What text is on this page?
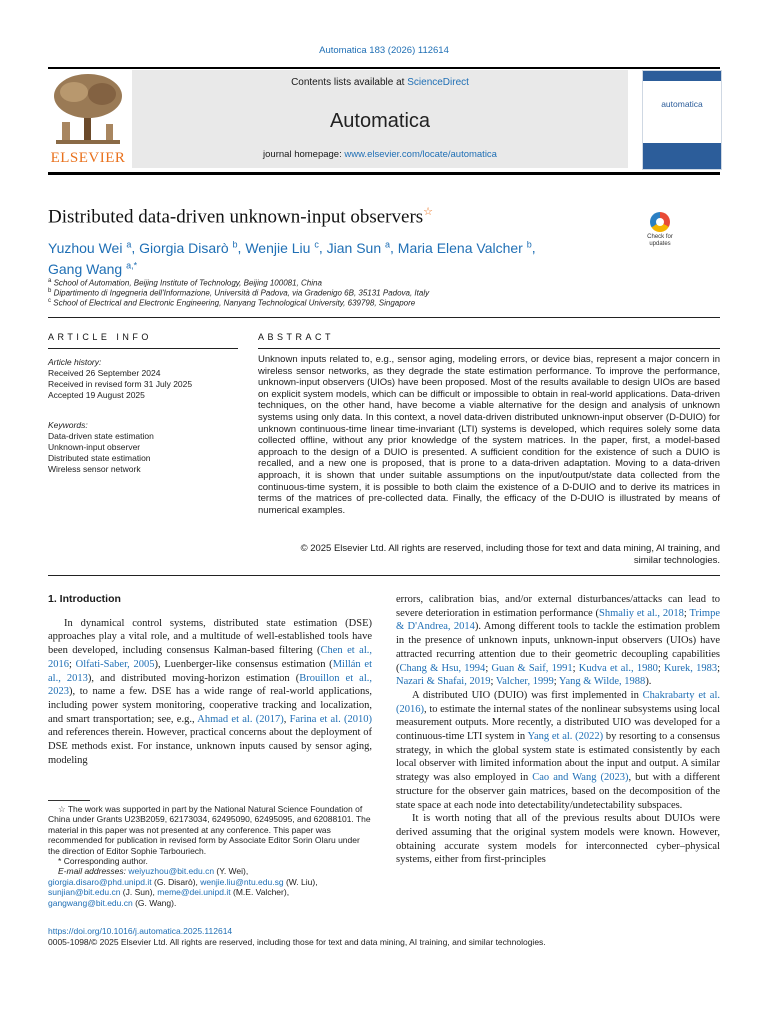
Automatica 183 (2026) 112614
ELSEVIER
Contents lists available at ScienceDirect
Automatica
journal homepage: www.elsevier.com/locate/automatica
automatica
Distributed data-driven unknown-input observers☆
Check for
updates
Yuzhou Wei $^a$, Giorgia Disarò $^b$, Wenjie Liu $^c$, Jian Sun $^a$, Maria Elena Valcher $^b$,
Gang Wang $^{a,*}$
$^a$ School of Automation, Beijing Institute of Technology, Beijing 100081, China
$^b$ Dipartimento di Ingegneria dell'Informazione, Università di Padova, via Gradenigo 6B, 35131 Padova, Italy
$^c$ School of Electrical and Electronic Engineering, Nanyang Technological University, 639798, Singapore
ARTICLE INFO
Article history:
Received 26 September 2024
Received in revised form 31 July 2025
Accepted 19 August 2025
Keywords:
Data-driven state estimation
Unknown-input observer
Distributed state estimation
Wireless sensor network
ABSTRACT
Unknown inputs related to, e.g., sensor aging, modeling errors, or device bias, represent a major concern in wireless sensor networks, as they degrade the state estimation performance. To improve the performance, unknown-input observers (UIOs) have been proposed. Most of the results available to design UIOs are based on explicit system models, which can be difficult or impossible to obtain in real-world applications. Data-driven techniques, on the other hand, have become a viable alternative for the design and analysis of unknown systems using only data. In this context, a novel data-driven distributed unknown-input observer (D-DUIO) for unknown continuous-time linear time-invariant (LTI) systems is developed, which requires solely some data collected offline, without any prior knowledge of the system matrices. In the paper, first, a model-based approach to the design of a DUIO is presented. A sufficient condition for the existence of such a DUIO is recalled, and a new one is proposed, that is prone to a data-driven adaptation. Moving to a data-driven approach, it is shown that under suitable assumptions on the input/output/state data collected from the continuous-time system, it is possible to both claim the existence of a D-DUIO and to derive its matrices in terms of the matrices of pre-collected data. Finally, the efficacy of the D-DUIO is illustrated by means of numerical examples.
© 2025 Elsevier Ltd. All rights are reserved, including those for text and data mining, AI training, and
similar technologies.
1. Introduction

In dynamical control systems, distributed state estimation (DSE) approaches play a vital role, and a multitude of well-established tools have been developed, including consensus Kalman-based filtering (Chen et al., 2016; Olfati-Saber, 2005), Luenberger-like consensus estimation (Millán et al., 2013), and distributed moving-horizon estimation (Brouillon et al., 2023), to name a few. DSE has a wide range of real-world applications, including power system monitoring, cooperative tracking and localization, and smart transportation; see, e.g., Ahmad et al. (2017), Farina et al. (2010) and references therein. However, practical concerns about the deployment of DSE methods exist. For instance, unknown inputs caused by sensor aging, modeling

☆ The work was supported in part by the National Natural Science Foundation of China under Grants U23B2059, 62173034, 62495090, 62495095, and 62088101. The material in this paper was not presented at any conference. This paper was recommended for publication in revised form by Associate Editor Sorin Olaru under the direction of Editor Sophie Tarbouriech.

* Corresponding author.

E-mail addresses: weiyuzhou@bit.edu.cn (Y. Wei),
giorgia.disaro@phd.unipd.it (G. Disarò), wenjie.liu@ntu.edu.sg (W. Liu),
sunjian@bit.edu.cn (J. Sun), meme@dei.unipd.it (M.E. Valcher),
gangwang@bit.edu.cn (G. Wang).

errors, calibration bias, and/or external disturbances/attacks can lead to severe deterioration in estimation performance (Shmaliy et al., 2018; Trimpe & D'Andrea, 2014). Among different tools to tackle the estimation problem in the presence of unknown inputs, unknown-input observers (UIOs) have attracted recurring attention due to their geometric decoupling capabilities (Chang & Hsu, 1994; Guan & Saif, 1991; Kudva et al., 1980; Kurek, 1983; Nazari & Shafai, 2019; Valcher, 1999; Yang & Wilde, 1988).

A distributed UIO (DUIO) was first implemented in Chakrabarty et al. (2016), to estimate the internal states of the nonlinear subsystems using local measurement outputs. More recently, a distributed UIO was developed for a continuous-time LTI system in Yang et al. (2022) by resorting to a consensus strategy, in which the global system state is estimated consistently by each local observer with limited information about the input and output. A similar strategy was also employed in Cao and Wang (2023), but with a different structure for the observer gain matrices, based on the decomposition of the state space at each node into detectability/undetectability subspaces.

It is worth noting that all of the previous results about DUIOs were derived assuming that the original system models were known. However, obtaining accurate system models for interconnected cyber–physical systems, either from first-principles

https://doi.org/10.1016/j.automatica.2025.112614
0005-1098/© 2025 Elsevier Ltd. All rights are reserved, including those for text and data mining, AI training, and similar technologies.
